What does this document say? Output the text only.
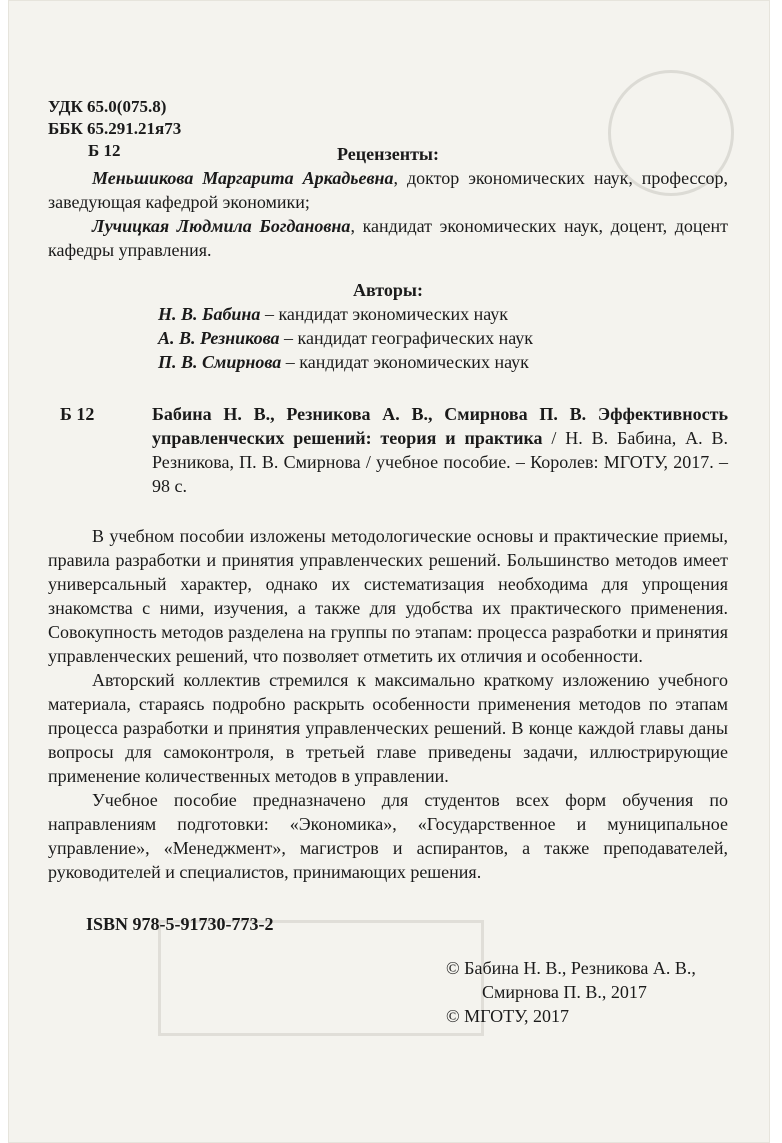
УДК 65.0(075.8)
ББК 65.291.21я73
Б 12	Рецензенты:

Меньшикова Маргарита Аркадьевна, доктор экономических наук, профессор, заведующая кафедрой экономики;

Лучицкая Людмила Богдановна, кандидат экономических наук, доцент, доцент кафедры управления.

Авторы:

Н. В. Бабина – кандидат экономических наук

А. В. Резникова – кандидат географических наук

П. В. Смирнова – кандидат экономических наук

Б 12	Бабина Н. В., Резникова А. В., Смирнова П. В. Эффективность управленческих решений: теория и практика / Н. В. Бабина, А. В. Резникова, П. В. Смирнова / учебное пособие. – Королев: МГОТУ, 2017. – 98 с.

В учебном пособии изложены методологические основы и практические приемы, правила разработки и принятия управленческих решений. Большинство методов имеет универсальный характер, однако их систематизация необходима для упрощения знакомства с ними, изучения, а также для удобства их практического применения. Совокупность методов разделена на группы по этапам: процесса разработки и принятия управленческих решений, что позволяет отметить их отличия и особенности.

Авторский коллектив стремился к максимально краткому изложению учебного материала, стараясь подробно раскрыть особенности применения методов по этапам процесса разработки и принятия управленческих решений. В конце каждой главы даны вопросы для самоконтроля, в третьей главе приведены задачи, иллюстрирующие применение количественных методов в управлении.

Учебное пособие предназначено для студентов всех форм обучения по направлениям подготовки: «Экономика», «Государственное и муниципальное управление», «Менеджмент», магистров и аспирантов, а также преподавателей, руководителей и специалистов, принимающих решения.

ISBN 978-5-91730-773-2

© Бабина Н. В., Резникова А. В.,

Смирнова П. В., 2017

© МГОТУ, 2017
